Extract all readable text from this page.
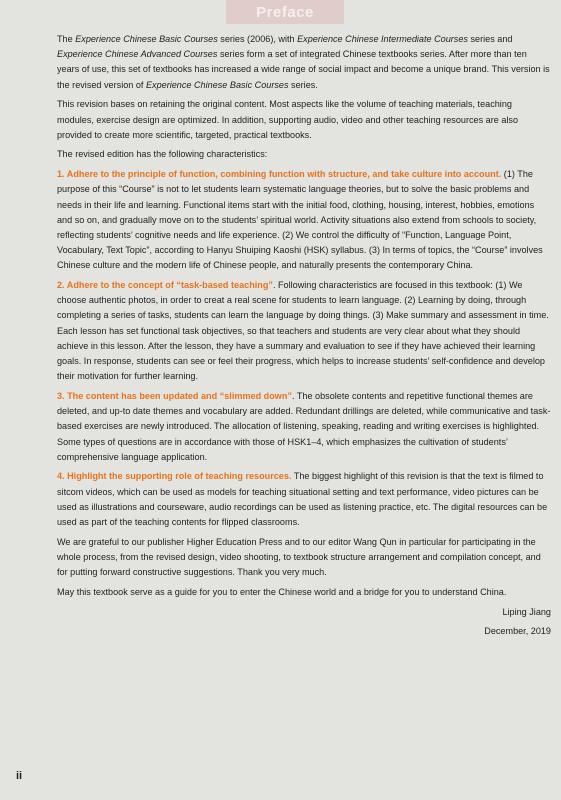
Preface

The Experience Chinese Basic Courses series (2006), with Experience Chinese Intermediate Courses series and Experience Chinese Advanced Courses series form a set of integrated Chinese textbooks series. After more than ten years of use, this set of textbooks has increased a wide range of social impact and become a unique brand. This version is the revised version of Experience Chinese Basic Courses series.

This revision bases on retaining the original content. Most aspects like the volume of teaching materials, teaching modules, exercise design are optimized. In addition, supporting audio, video and other teaching resources are also provided to create more scientific, targeted, practical textbooks.

The revised edition has the following characteristics:

1. Adhere to the principle of function, combining function with structure, and take culture into account. (1) The purpose of this “Course” is not to let students learn systematic language theories, but to solve the basic problems and needs in their life and learning. Functional items start with the initial food, clothing, housing, interest, hobbies, emotions and so on, and gradually move on to the students’ spiritual world. Activity situations also extend from schools to society, reflecting students’ cognitive needs and life experience. (2) We control the difficulty of “Function, Language Point, Vocabulary, Text Topic”, according to Hanyu Shuiping Kaoshi (HSK) syllabus. (3) In terms of topics, the “Course” involves Chinese culture and the modern life of Chinese people, and naturally presents the contemporary China.

2. Adhere to the concept of “task-based teaching”. Following characteristics are focused in this textbook: (1) We choose authentic photos, in order to creat a real scene for students to learn language. (2) Learning by doing, through completing a series of tasks, students can learn the language by doing things. (3) Make summary and assessment in time. Each lesson has set functional task objectives, so that teachers and students are very clear about what they should achieve in this lesson. After the lesson, they have a summary and evaluation to see if they have achieved their learning goals. In response, students can see or feel their progress, which helps to increase students’ self-confidence and develop their motivation for further learning.

3. The content has been updated and “slimmed down”. The obsolete contents and repetitive functional themes are deleted, and up-to date themes and vocabulary are added. Redundant drillings are deleted, while communicative and task-based exercises are newly introduced. The allocation of listening, speaking, reading and writing exercises is highlighted. Some types of questions are in accordance with those of HSK1–4, which emphasizes the cultivation of students’ comprehensive language application.

4. Highlight the supporting role of teaching resources. The biggest highlight of this revision is that the text is filmed to sitcom videos, which can be used as models for teaching situational setting and text performance, video pictures can be used as illustrations and courseware, audio recordings can be used as listening practice, etc. The digital resources can be used as part of the teaching contents for flipped classrooms.

We are grateful to our publisher Higher Education Press and to our editor Wang Qun in particular for participating in the whole process, from the revised design, video shooting, to textbook structure arrangement and compilation concept, and for putting forward constructive suggestions. Thank you very much.

May this textbook serve as a guide for you to enter the Chinese world and a bridge for you to understand China.

Liping Jiang

December, 2019

ii
